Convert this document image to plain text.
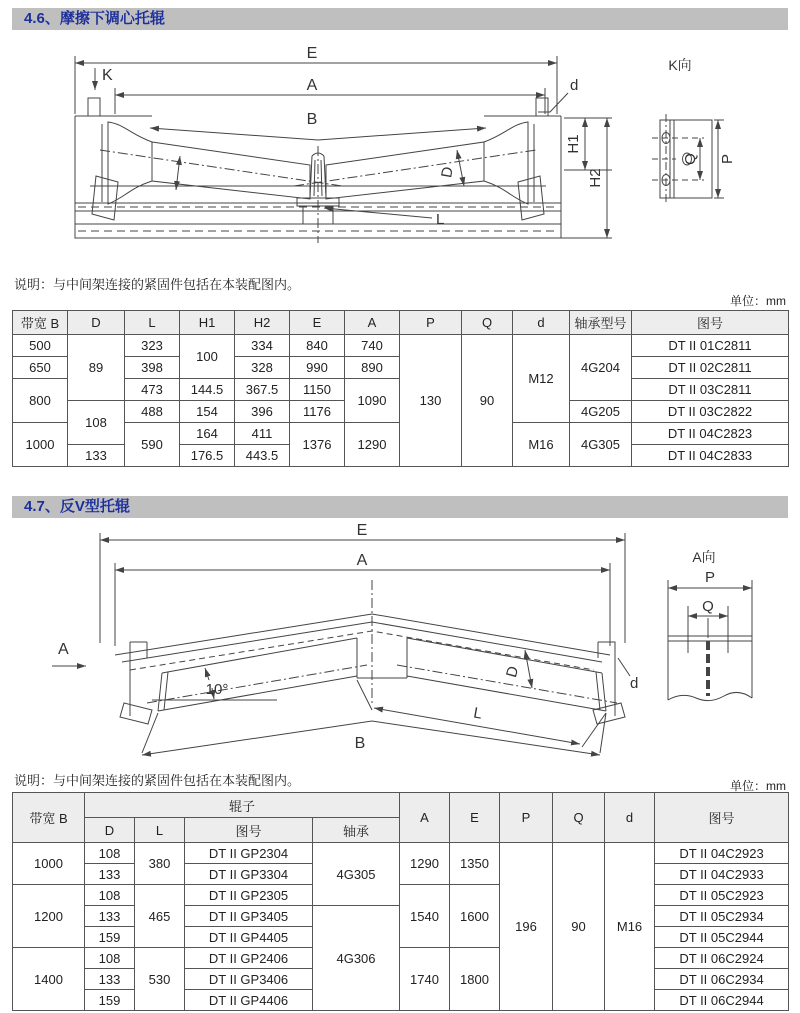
4.6、摩擦下调心托辊
E
K
A
B
d
H1
H2
D
L
K向
Q P
说明：与中间架连接的紧固件包括在本装配图内。
单位：mm
带宽 B	D	L	H1	H2	E	A	P	Q	d	轴承型号	图号
500	89	323	100	334	840	740	130	90	M12	4G204	DT II 01C2811
650		398		328	990	890					DT II 02C2811
800		473	144.5	367.5	1150	1090					DT II 03C2811
	108	488	154	396	1176					4G205	DT II 03C2822
1000		590	164	411	1376	1290			M16	4G305	DT II 04C2823
	133		176.5	443.5							DT II 04C2833
4.7、反V型托辊
E
A
B
10°
D
L
d
A
A向
P
Q
说明：与中间架连接的紧固件包括在本装配图内。	单位：mm
带宽 B	辊子				A	E	P	Q	d	图号
	D	L	图号	轴承						
1000	108	380	DT II GP2304	4G305	1290	1350	196	90	M16	DT II 04C2923
	133		DT II GP3304							DT II 04C2933
1200	108	465	DT II GP2305		1540	1600				DT II 05C2923
	133		DT II GP3405	4G306						DT II 05C2934
	159		DT II GP4405							DT II 05C2944
1400	108	530	DT II GP2406		1740	1800				DT II 06C2924
	133		DT II GP3406							DT II 06C2934
	159		DT II GP4406							DT II 06C2944
